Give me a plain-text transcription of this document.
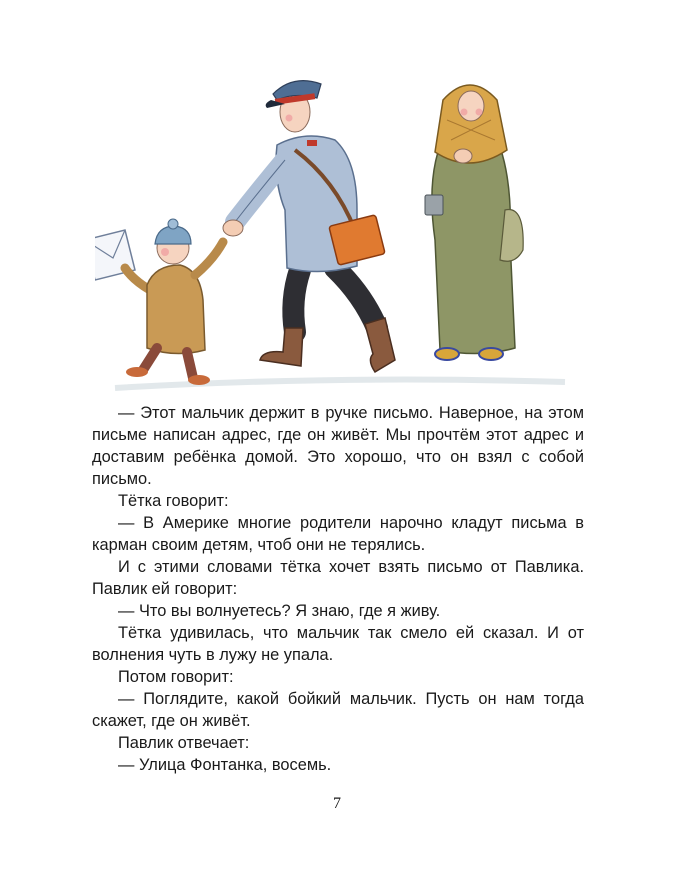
— Этот мальчик держит в ручке письмо. Наверное, на этом письме написан адрес, где он живёт. Мы прочтём этот адрес и доставим ребёнка домой. Это хорошо, что он взял с собой письмо.

Тётка говорит:

— В Америке многие родители нарочно кладут письма в карман своим детям, чтоб они не терялись.

И с этими словами тётка хочет взять письмо от Павлика. Павлик ей говорит:

— Что вы волнуетесь? Я знаю, где я живу.

Тётка удивилась, что мальчик так смело ей сказал. И от волнения чуть в лужу не упала.

Потом говорит:

— Поглядите, какой бойкий мальчик. Пусть он нам тогда скажет, где он живёт.

Павлик отвечает:

— Улица Фонтанка, восемь.

7
